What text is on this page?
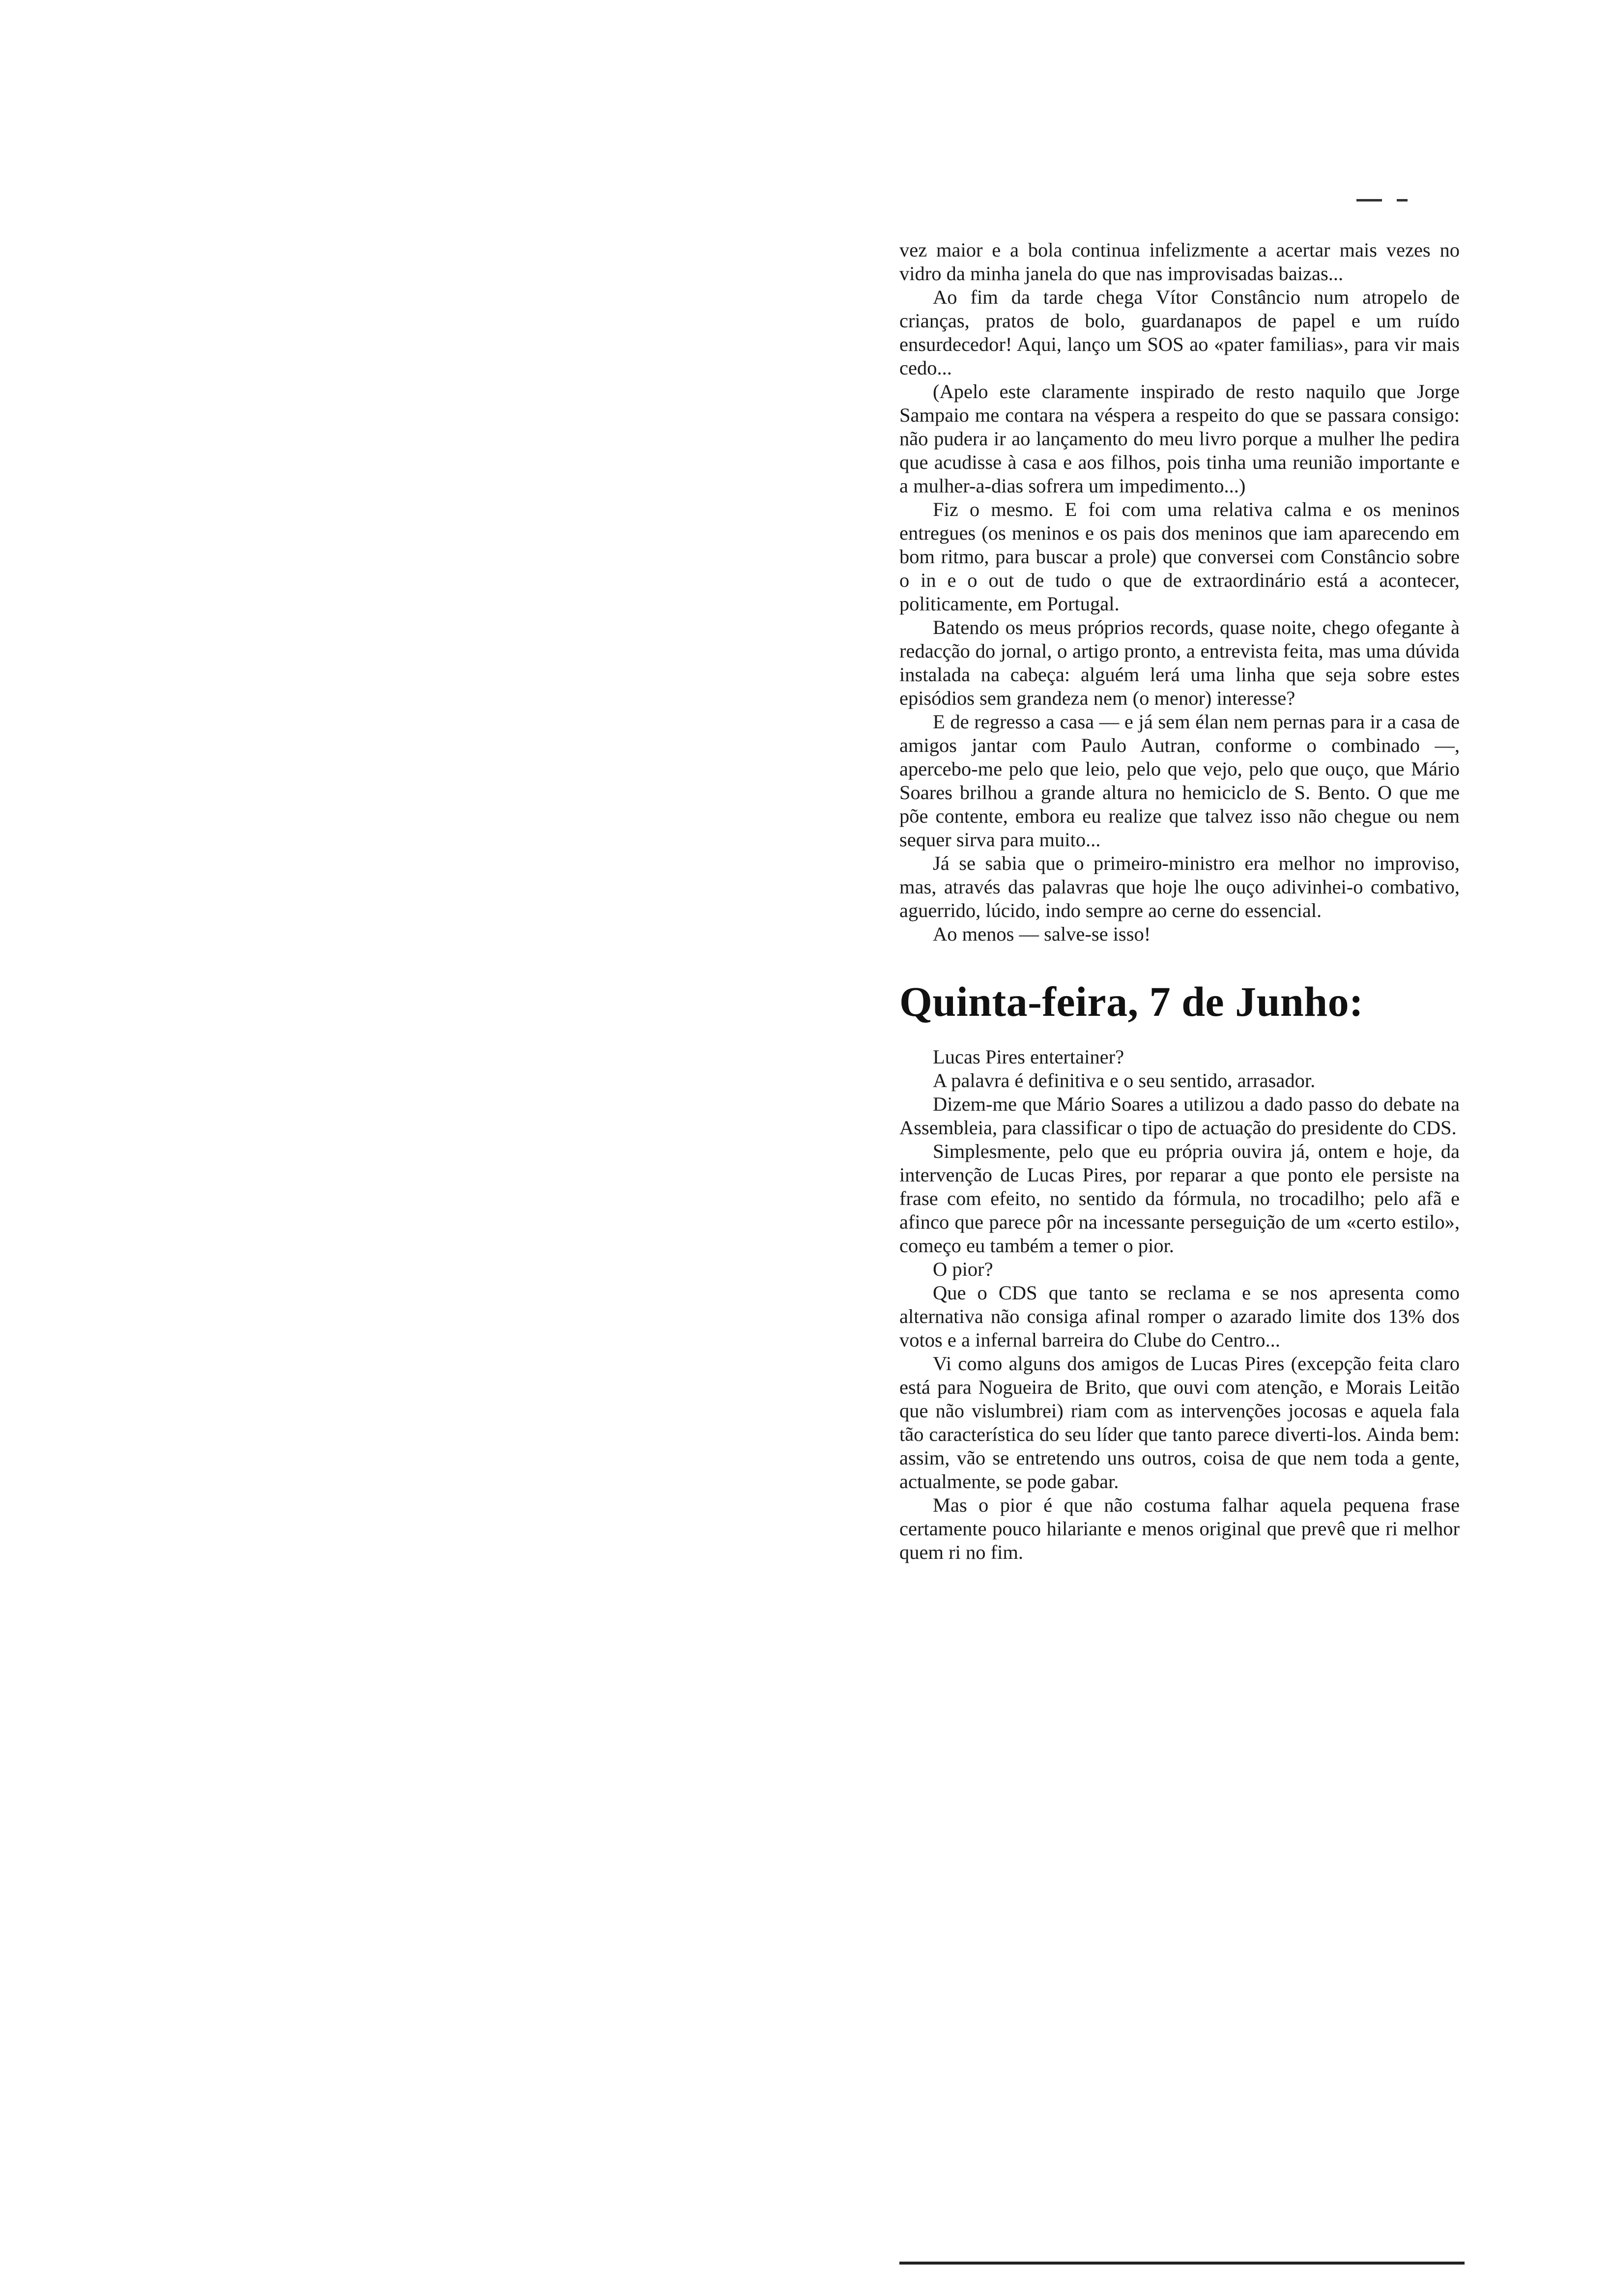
vez maior e a bola continua infelizmente a acertar mais vezes no vidro da minha janela do que nas improvisadas baizas...

Ao fim da tarde chega Vítor Constâncio num atropelo de crianças, pratos de bolo, guardanapos de papel e um ruído ensurdecedor! Aqui, lanço um SOS ao «pater familias», para vir mais cedo...

(Apelo este claramente inspirado de resto naquilo que Jorge Sampaio me contara na véspera a respeito do que se passara consigo: não pudera ir ao lançamento do meu livro porque a mulher lhe pedira que acudisse à casa e aos filhos, pois tinha uma reunião importante e a mulher-a-dias sofrera um impedimento...)

Fiz o mesmo. E foi com uma relativa calma e os meninos entregues (os meninos e os pais dos meninos que iam aparecendo em bom ritmo, para buscar a prole) que conversei com Constâncio sobre o in e o out de tudo o que de extraordinário está a acontecer, politicamente, em Portugal.

Batendo os meus próprios records, quase noite, chego ofegante à redacção do jornal, o artigo pronto, a entrevista feita, mas uma dúvida instalada na cabeça: alguém lerá uma linha que seja sobre estes episódios sem grandeza nem (o menor) interesse?

E de regresso a casa — e já sem élan nem pernas para ir a casa de amigos jantar com Paulo Autran, conforme o combinado —, apercebo-me pelo que leio, pelo que vejo, pelo que ouço, que Mário Soares brilhou a grande altura no hemiciclo de S. Bento. O que me põe contente, embora eu realize que talvez isso não chegue ou nem sequer sirva para muito...

Já se sabia que o primeiro-ministro era melhor no improviso, mas, através das palavras que hoje lhe ouço adivinhei-o combativo, aguerrido, lúcido, indo sempre ao cerne do essencial.

Ao menos — salve-se isso!

Quinta-feira, 7 de Junho:

Lucas Pires entertainer?

A palavra é definitiva e o seu sentido, arrasador.

Dizem-me que Mário Soares a utilizou a dado passo do debate na Assembleia, para classificar o tipo de actuação do presidente do CDS.

Simplesmente, pelo que eu própria ouvira já, ontem e hoje, da intervenção de Lucas Pires, por reparar a que ponto ele persiste na frase com efeito, no sentido da fórmula, no trocadilho; pelo afã e afinco que parece pôr na incessante perseguição de um «certo estilo», começo eu também a temer o pior.

O pior?

Que o CDS que tanto se reclama e se nos apresenta como alternativa não consiga afinal romper o azarado limite dos 13% dos votos e a infernal barreira do Clube do Centro...

Vi como alguns dos amigos de Lucas Pires (excepção feita claro está para Nogueira de Brito, que ouvi com atenção, e Morais Leitão que não vislumbrei) riam com as intervenções jocosas e aquela fala tão característica do seu líder que tanto parece diverti-los. Ainda bem: assim, vão se entretendo uns outros, coisa de que nem toda a gente, actualmente, se pode gabar.

Mas o pior é que não costuma falhar aquela pequena frase certamente pouco hilariante e menos original que prevê que ri melhor quem ri no fim.
